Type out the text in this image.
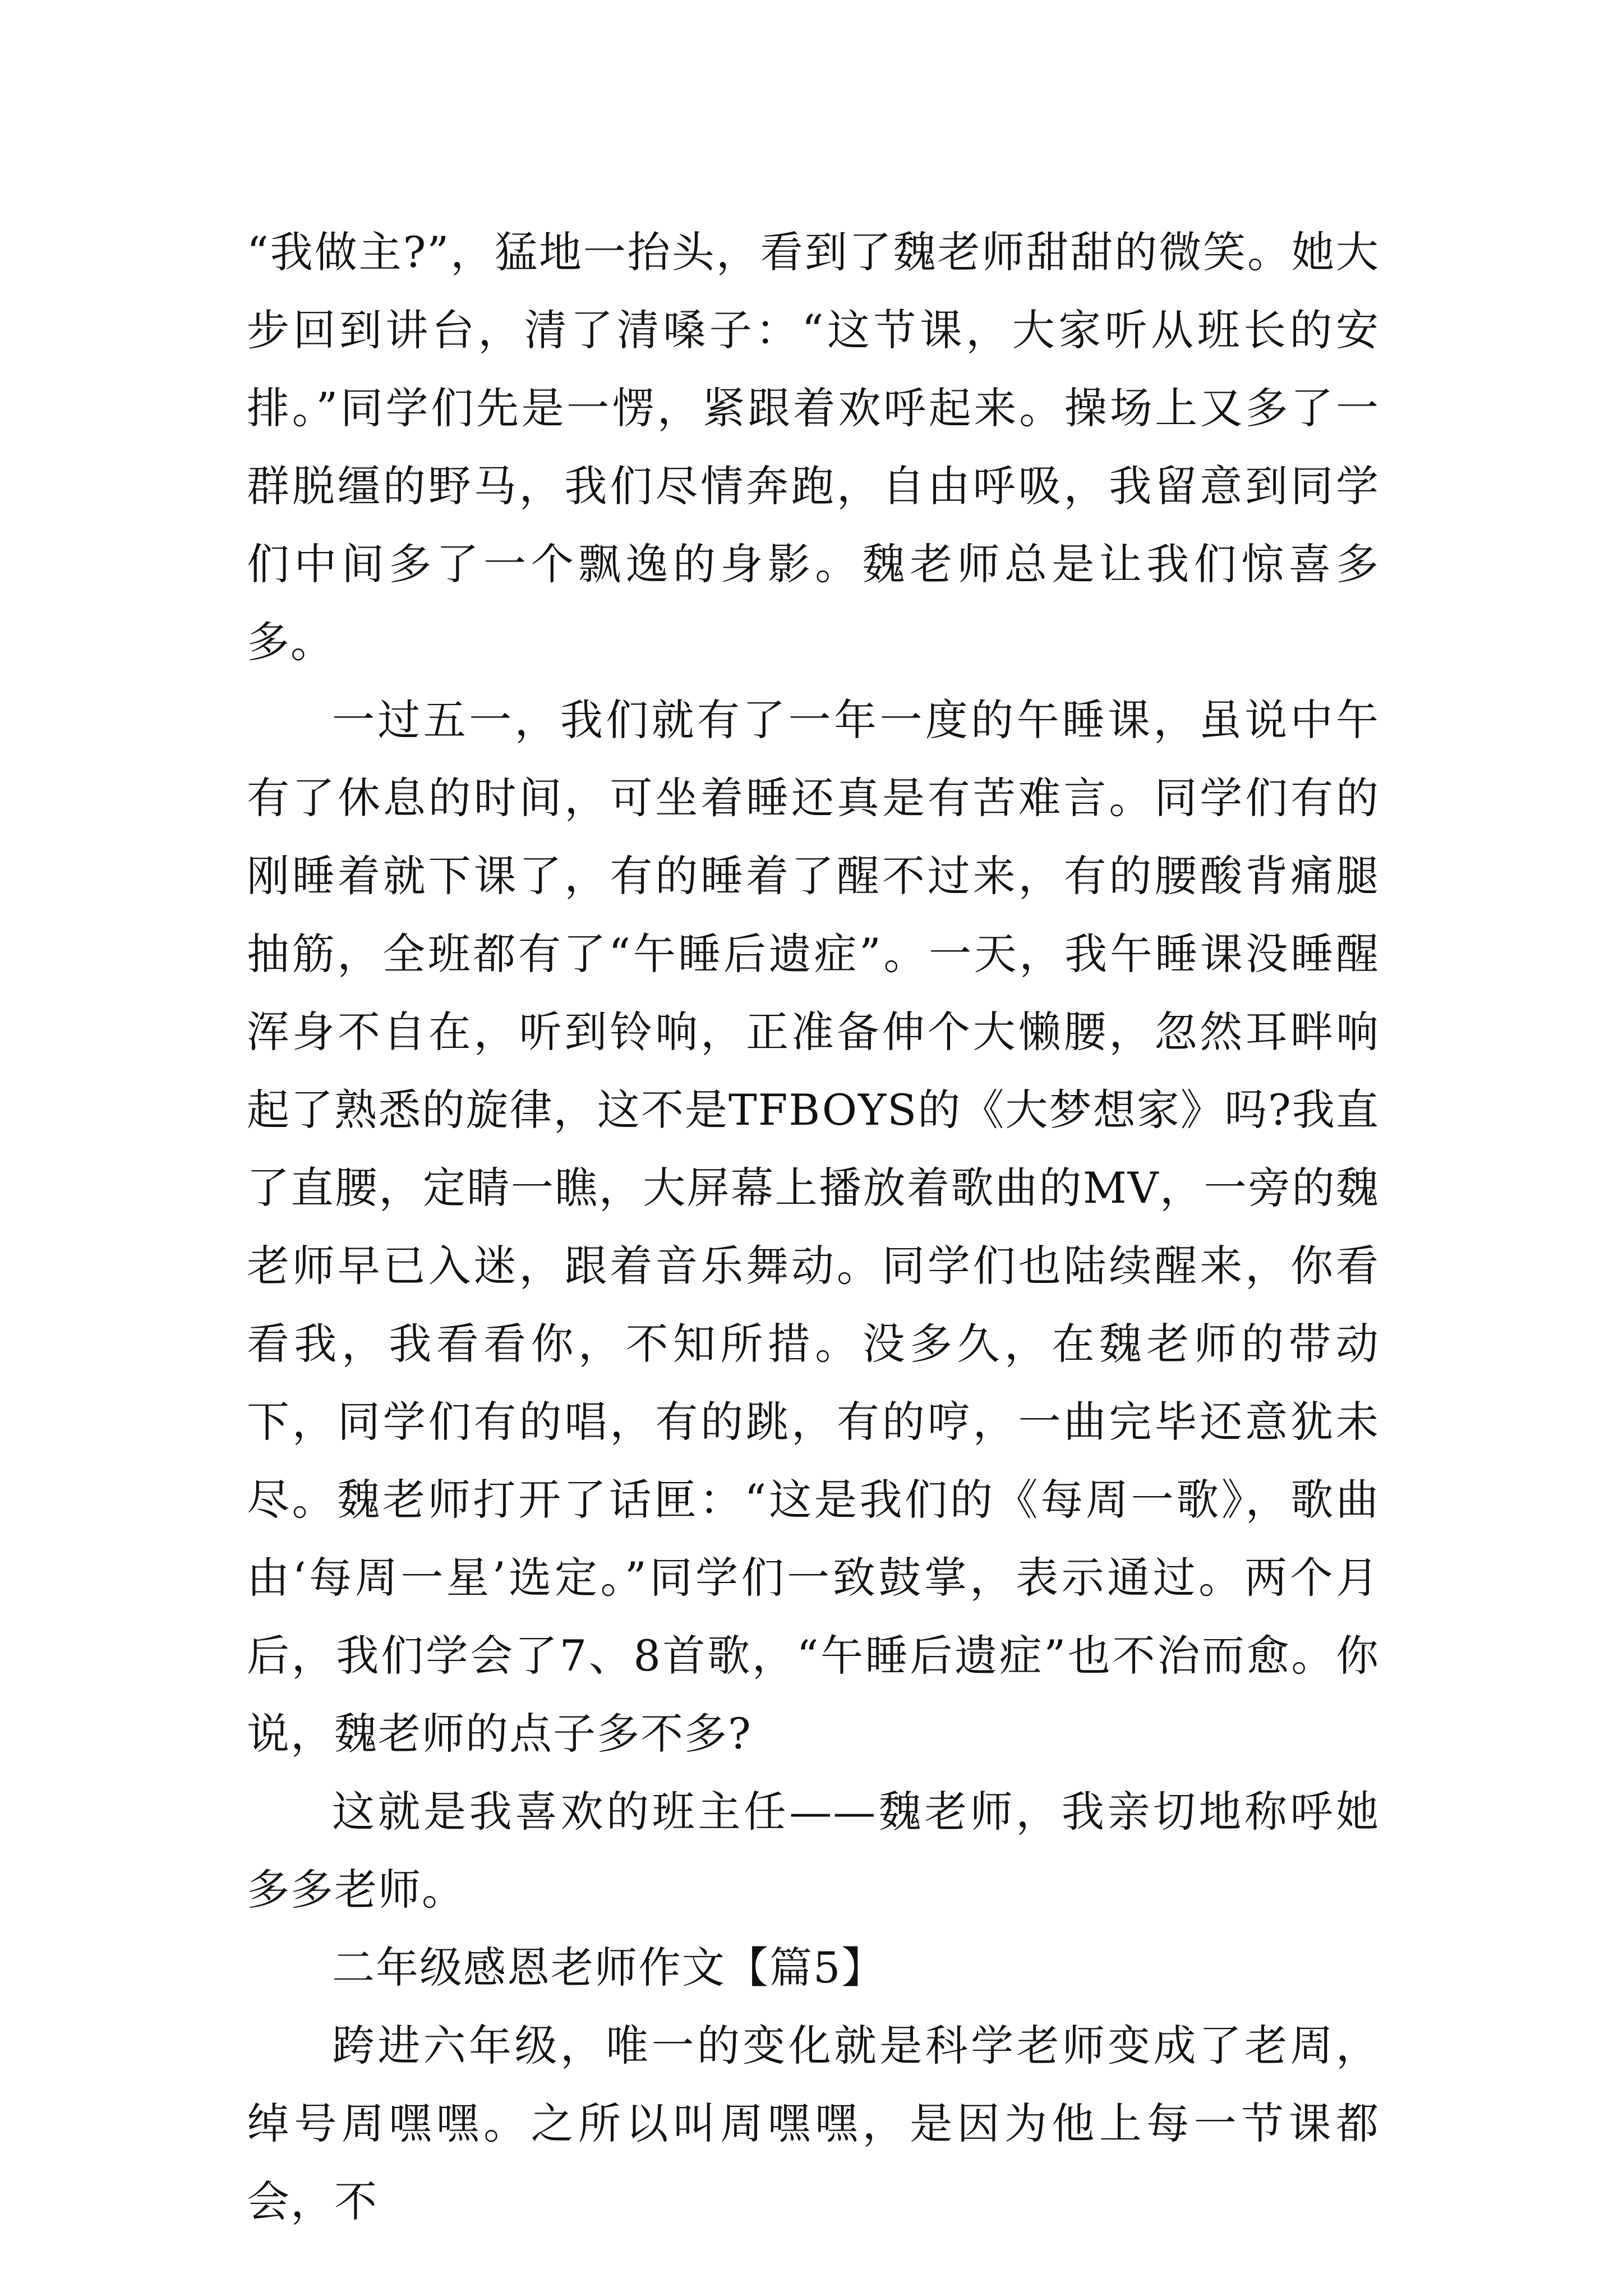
“我做主?”，猛地一抬头，看到了魏老师甜甜的微笑。她大步回到讲台，清了清嗓子：“这节课，大家听从班长的安排。”同学们先是一愣，紧跟着欢呼起来。操场上又多了一群脱缰的野马，我们尽情奔跑，自由呼吸，我留意到同学们中间多了一个飘逸的身影。魏老师总是让我们惊喜多多。

一过五一，我们就有了一年一度的午睡课，虽说中午有了休息的时间，可坐着睡还真是有苦难言。同学们有的刚睡着就下课了，有的睡着了醒不过来，有的腰酸背痛腿抽筋，全班都有了“午睡后遗症”。一天，我午睡课没睡醒浑身不自在，听到铃响，正准备伸个大懒腰，忽然耳畔响起了熟悉的旋律，这不是TFBOYS的《大梦想家》吗?我直了直腰，定睛一瞧，大屏幕上播放着歌曲的MV，一旁的魏老师早已入迷，跟着音乐舞动。同学们也陆续醒来，你看看我，我看看你，不知所措。没多久，在魏老师的带动下，同学们有的唱，有的跳，有的哼，一曲完毕还意犹未尽。魏老师打开了话匣：“这是我们的《每周一歌》，歌曲由‘每周一星’选定。”同学们一致鼓掌，表示通过。两个月后，我们学会了7、8首歌，“午睡后遗症”也不治而愈。你说，魏老师的点子多不多?

这就是我喜欢的班主任——魏老师，我亲切地称呼她多多老师。

二年级感恩老师作文【篇5】

跨进六年级，唯一的变化就是科学老师变成了老周，绰号周嘿嘿。之所以叫周嘿嘿，是因为他上每一节课都会，不
